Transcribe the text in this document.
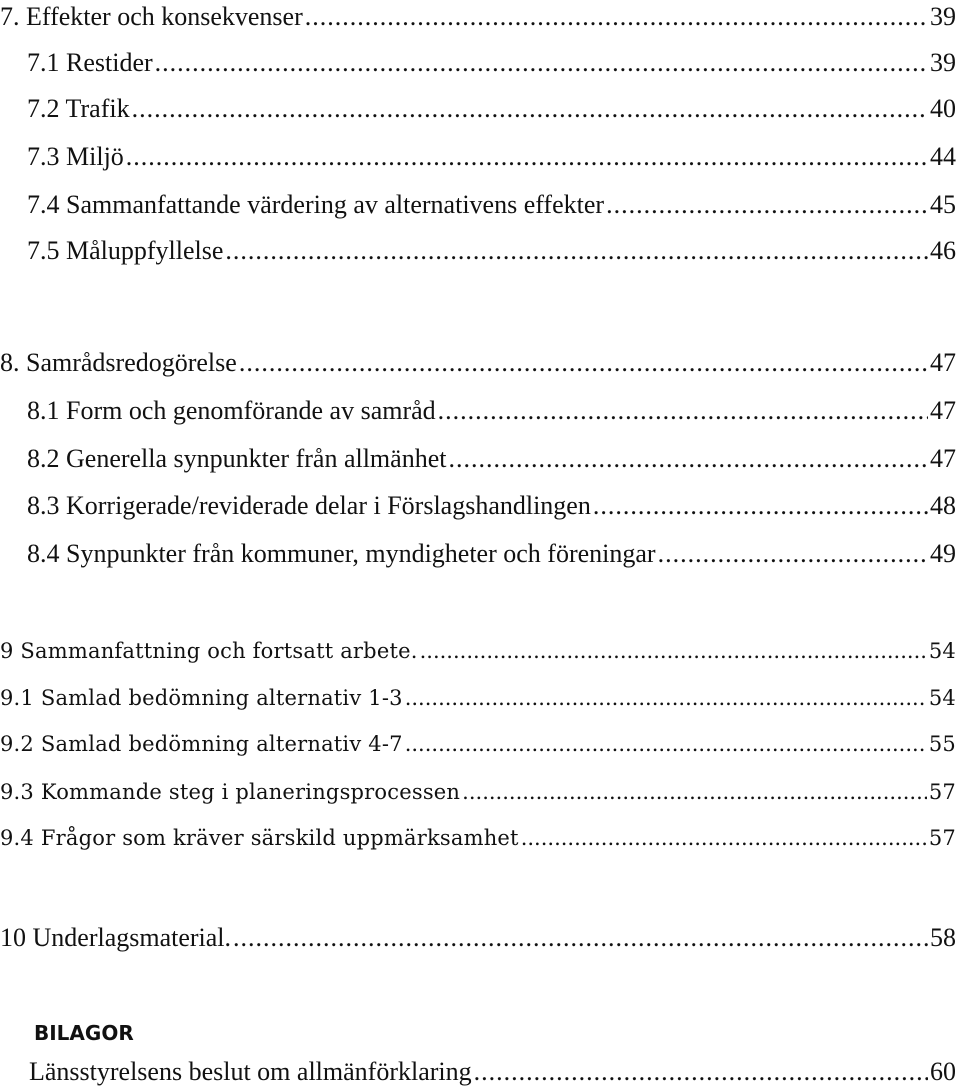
7. Effekter och konsekvenser .....	39
7.1 Restider .....	39
7.2 Trafik .....	40
7.3 Miljö .....	44
7.4 Sammanfattande värdering av alternativens effekter .....	45
7.5 Måluppfyllelse .....	46
8. Samrådsredogörelse .....	47
8.1 Form och genomförande av samråd .....	47
8.2 Generella synpunkter från allmänhet .....	47
8.3 Korrigerade/reviderade delar i Förslagshandlingen .....	48
8.4 Synpunkter från kommuner, myndigheter och föreningar .....	49
9 Sammanfattning och fortsatt arbete. .....	54
9.1 Samlad bedömning alternativ 1-3 .....	54
9.2 Samlad bedömning alternativ 4-7 .....	55
9.3 Kommande steg i planeringsprocessen .....	57
9.4 Frågor som kräver särskild uppmärksamhet .....	57
10 Underlagsmaterial. .....	58
BILAGOR
Länsstyrelsens beslut om allmänförklaring .....	60
